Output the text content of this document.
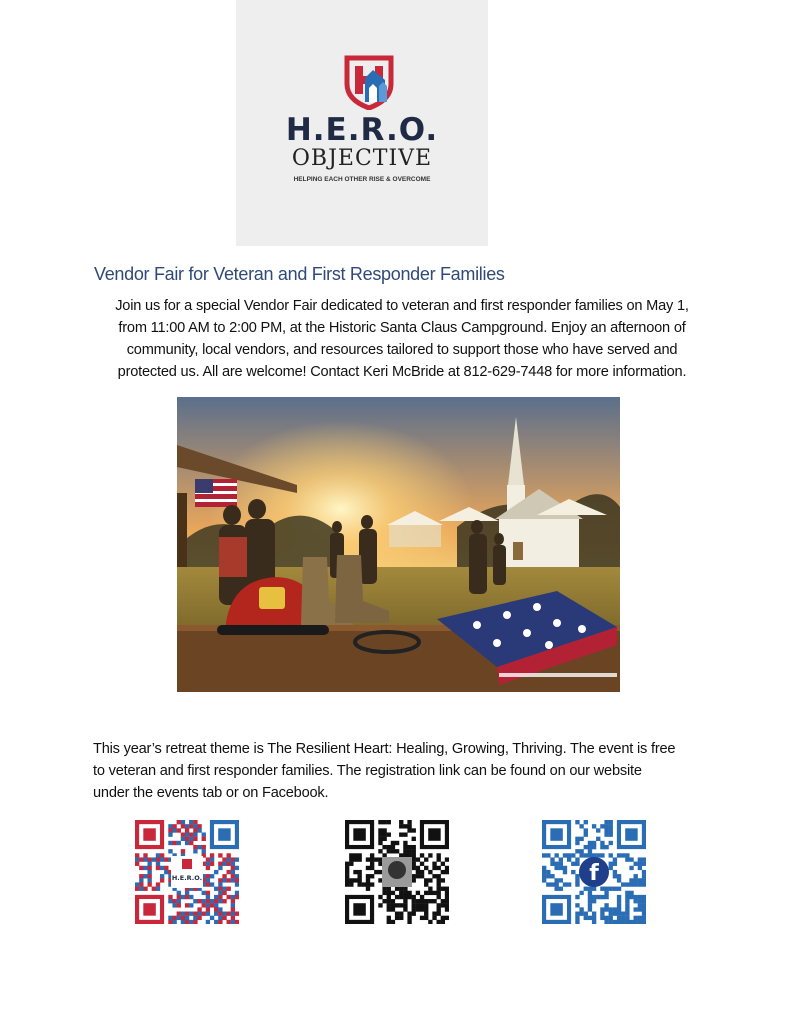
H.E.R.O.
OBJECTIVE
HELPING EACH OTHER RISE & OVERCOME
Vendor Fair for Veteran and First Responder Families
Join us for a special Vendor Fair dedicated to veteran and first responder families on May 1,
from 11:00 AM to 2:00 PM, at the Historic Santa Claus Campground. Enjoy an afternoon of
community, local vendors, and resources tailored to support those who have served and
protected us. All are welcome! Contact Keri McBride at 812-629-7448 for more information.
This year’s retreat theme is The Resilient Heart: Healing, Growing, Thriving. The event is free
to veteran and first responder families. The registration link can be found on our website
under the events tab or on Facebook.
H.E.R.O.	f
